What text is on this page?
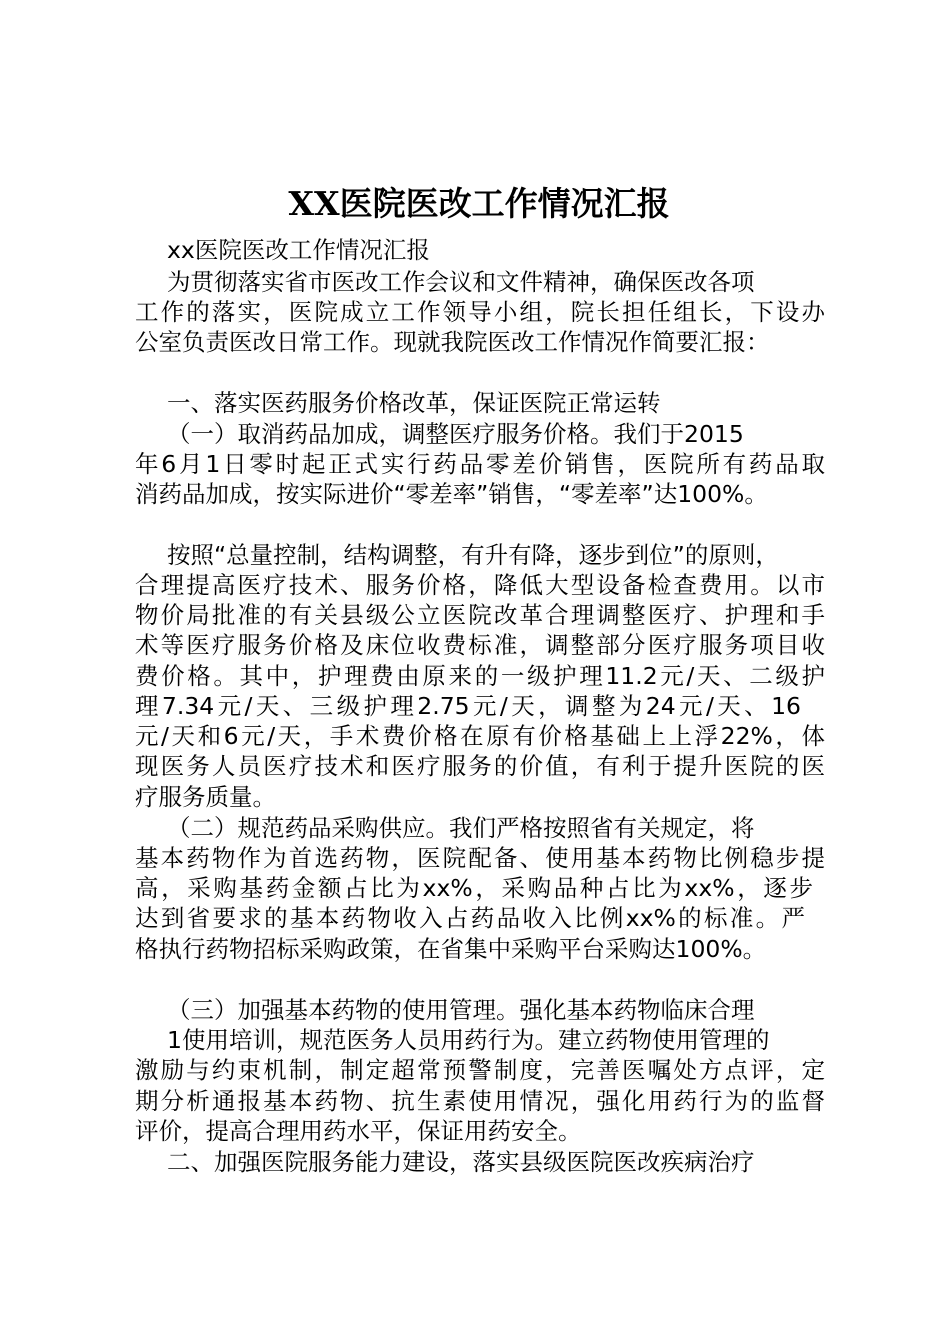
XX医院医改工作情况汇报
xx医院医改工作情况汇报
为贯彻落实省市医改工作会议和文件精神，确保医改各项
工作的落实，医院成立工作领导小组，院长担任组长，下设办
公室负责医改日常工作。现就我院医改工作情况作简要汇报：
一、落实医药服务价格改革，保证医院正常运转
（一）取消药品加成，调整医疗服务价格。我们于2015
年6月1日零时起正式实行药品零差价销售，医院所有药品取
消药品加成，按实际进价“零差率”销售，“零差率”达100%。
按照“总量控制，结构调整，有升有降，逐步到位”的原则，
合理提高医疗技术、服务价格，降低大型设备检查费用。以市
物价局批准的有关县级公立医院改革合理调整医疗、护理和手
术等医疗服务价格及床位收费标准，调整部分医疗服务项目收
费价格。其中，护理费由原来的一级护理11.2元/天、二级护
理7.34元/天、三级护理2.75元/天，调整为24元/天、16
元/天和6元/天，手术费价格在原有价格基础上上浮22%，体
现医务人员医疗技术和医疗服务的价值，有利于提升医院的医
疗服务质量。
（二）规范药品采购供应。我们严格按照省有关规定，将
基本药物作为首选药物，医院配备、使用基本药物比例稳步提
高，采购基药金额占比为xx%，采购品种占比为xx%，逐步
达到省要求的基本药物收入占药品收入比例xx%的标准。严
格执行药物招标采购政策，在省集中采购平台采购达100%。
（三）加强基本药物的使用管理。强化基本药物临床合理
1使用培训，规范医务人员用药行为。建立药物使用管理的
激励与约束机制，制定超常预警制度，完善医嘱处方点评，定
期分析通报基本药物、抗生素使用情况，强化用药行为的监督
评价，提高合理用药水平，保证用药安全。
二、加强医院服务能力建设，落实县级医院医改疾病治疗
